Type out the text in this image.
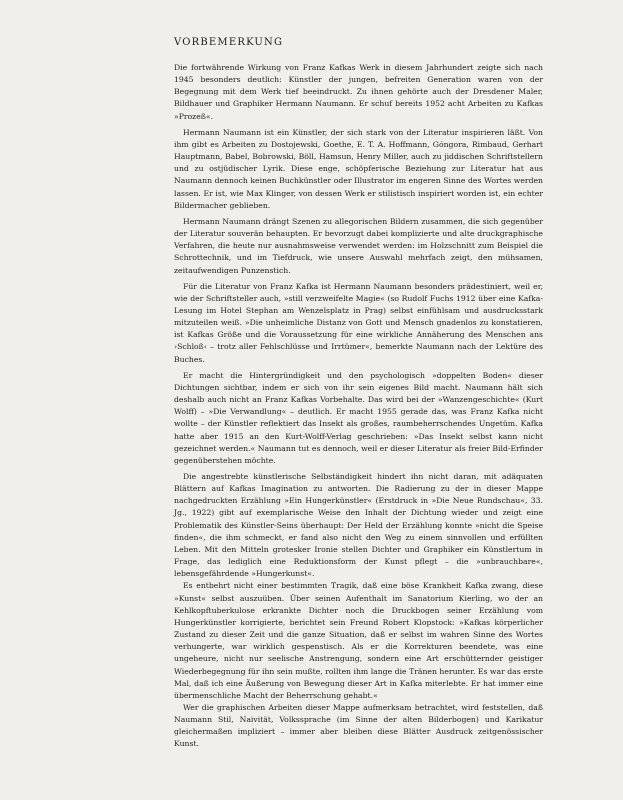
VORBEMERKUNG

Die fortwährende Wirkung von Franz Kafkas Werk in diesem Jahrhundert zeigte sich nach 1945 besonders deutlich: Künstler der jungen, befreiten Generation waren von der Begegnung mit dem Werk tief beeindruckt. Zu ihnen gehörte auch der Dresdener Maler, Bildhauer und Graphiker Hermann Naumann. Er schuf bereits 1952 acht Arbeiten zu Kafkas »Prozeß«.

Hermann Naumann ist ein Künstler, der sich stark von der Literatur inspirieren läßt. Von ihm gibt es Arbeiten zu Dostojewski, Goethe, E. T. A. Hoffmann, Góngora, Rimbaud, Gerhart Hauptmann, Babel, Bobrowski, Böll, Hamsun, Henry Miller, auch zu jiddischen Schriftstellern und zu ostjüdischer Lyrik. Diese enge, schöpferische Beziehung zur Literatur hat aus Naumann dennoch keinen Buchkünstler oder Illustrator im engeren Sinne des Wortes werden lassen. Er ist, wie Max Klinger, von dessen Werk er stilistisch inspiriert worden ist, ein echter Bildermacher geblieben.

Hermann Naumann drängt Szenen zu allegorischen Bildern zusammen, die sich gegenüber der Literatur souverän behaupten. Er bevorzugt dabei komplizierte und alte druckgraphische Verfahren, die heute nur ausnahmsweise verwendet werden: im Holzschnitt zum Beispiel die Schrottechnik, und im Tiefdruck, wie unsere Auswahl mehrfach zeigt, den mühsamen, zeitaufwendigen Punzenstich.

Für die Literatur von Franz Kafka ist Hermann Naumann besonders prädestiniert, weil er, wie der Schriftsteller auch, »still verzweifelte Magie« (so Rudolf Fuchs 1912 über eine Kafka-Lesung im Hotel Stephan am Wenzelsplatz in Prag) selbst einfühlsam und ausdrucksstark mitzuteilen weiß. »Die unheimliche Distanz von Gott und Mensch gnadenlos zu konstatieren, ist Kafkas Größe und die Voraussetzung für eine wirkliche Annäherung des Menschen ans ›Schloß‹ – trotz aller Fehlschlüsse und Irrtümer«, bemerkte Naumann nach der Lektüre des Buches.

Er macht die Hintergründigkeit und den psychologisch »doppelten Boden« dieser Dichtungen sichtbar, indem er sich von ihr sein eigenes Bild macht. Naumann hält sich deshalb auch nicht an Franz Kafkas Vorbehalte. Das wird bei der »Wanzengeschichte« (Kurt Wolff) – »Die Verwandlung« – deutlich. Er macht 1955 gerade das, was Franz Kafka nicht wollte – der Künstler reflektiert das Insekt als großes, raumbeherrschendes Ungetüm. Kafka hatte aber 1915 an den Kurt-Wolff-Verlag geschrieben: »Das Insekt selbst kann nicht gezeichnet werden.« Naumann tut es dennoch, weil er dieser Literatur als freier Bild-Erfinder gegenüberstehen möchte.

Die angestrebte künstlerische Selbständigkeit hindert ihn nicht daran, mit adäquaten Blättern auf Kafkas Imagination zu antworten. Die Radierung zu der in dieser Mappe nachgedruckten Erzählung »Ein Hungerkünstler« (Erstdruck in »Die Neue Rundschau«, 33. Jg., 1922) gibt auf exemplarische Weise den Inhalt der Dichtung wieder und zeigt eine Problematik des Künstler-Seins überhaupt: Der Held der Erzählung konnte »nicht die Speise finden«, die ihm schmeckt, er fand also nicht den Weg zu einem sinnvollen und erfüllten Leben. Mit den Mitteln grotesker Ironie stellen Dichter und Graphiker ein Künstlertum in Frage, das lediglich eine Reduktionsform der Kunst pflegt – die »unbrauchbare«, lebensgefährdende »Hungerkunst«.

Es entbehrt nicht einer bestimmten Tragik, daß eine böse Krankheit Kafka zwang, diese »Kunst« selbst auszuüben. Über seinen Aufenthalt im Sanatorium Kierling, wo der an Kehlkopftuberkulose erkrankte Dichter noch die Druckbogen seiner Erzählung vom Hungerkünstler korrigierte, berichtet sein Freund Robert Klopstock: »Kafkas körperlicher Zustand zu dieser Zeit und die ganze Situation, daß er selbst im wahren Sinne des Wortes verhungerte, war wirklich gespenstisch. Als er die Korrekturen beendete, was eine ungeheure, nicht nur seelische Anstrengung, sondern eine Art erschütternder geistiger Wiederbegegnung für ihn sein mußte, rollten ihm lange die Tränen herunter. Es war das erste Mal, daß ich eine Äußerung von Bewegung dieser Art in Kafka miterlebte. Er hat immer eine übermenschliche Macht der Beherrschung gehabt.«

Wer die graphischen Arbeiten dieser Mappe aufmerksam betrachtet, wird feststellen, daß Naumann Stil, Naivität, Volkssprache (im Sinne der alten Bilderbogen) und Karikatur gleichermaßen impliziert – immer aber bleiben diese Blätter Ausdruck zeitgenössischer Kunst.
